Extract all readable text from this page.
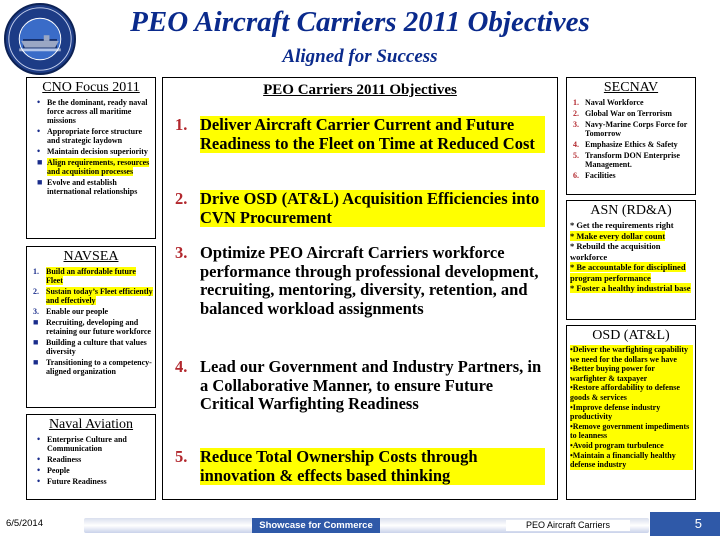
PEO Aircraft Carriers 2011 Objectives
Aligned for Success
CNO Focus 2011
• Be the dominant, ready naval force across all maritime missions
• Appropriate force structure and strategic laydown
• Maintain decision superiority
■ Align requirements, resources and acquisition processes
■ Evolve and establish international relationships
NAVSEA
1. Build an affordable future Fleet
2. Sustain today’s Fleet efficiently and effectively
3. Enable our people
■ Recruiting, developing and retaining our future workforce
■ Building a culture that values diversity
■ Transitioning to a competency-aligned organization
Naval Aviation
• Enterprise Culture and Communication
• Readiness
• People
• Future Readiness
PEO Carriers 2011 Objectives
1. Deliver Aircraft Carrier Current and Future Readiness to the Fleet on Time at Reduced Cost
2. Drive OSD (AT&L) Acquisition Efficiencies into CVN Procurement
3. Optimize PEO Aircraft Carriers workforce performance through professional development, recruiting, mentoring, diversity, retention, and balanced workload assignments
4. Lead our Government and Industry Partners, in a Collaborative Manner, to ensure Future Critical Warfighting Readiness
5. Reduce Total Ownership Costs through innovation & effects based thinking
SECNAV
1. Naval Workforce
2. Global War on Terrorism
3. Navy-Marine Corps Force for Tomorrow
4. Emphasize Ethics & Safety
5. Transform DON Enterprise Management.
6. Facilities
ASN (RD&A)
* Get the requirements right
* Make every dollar count
* Rebuild the acquisition workforce
* Be accountable for disciplined program performance
* Foster a healthy industrial base
OSD (AT&L)
•Deliver the warfighting capability we need for the dollars we have
•Better buying power for warfighter & taxpayer
•Restore affordability to defense goods & services
•Improve defense industry productivity
•Remove government impediments to leanness
•Avoid program turbulence
•Maintain a financially healthy defense industry
6/5/2014	Showcase for Commerce	PEO Aircraft Carriers	5
